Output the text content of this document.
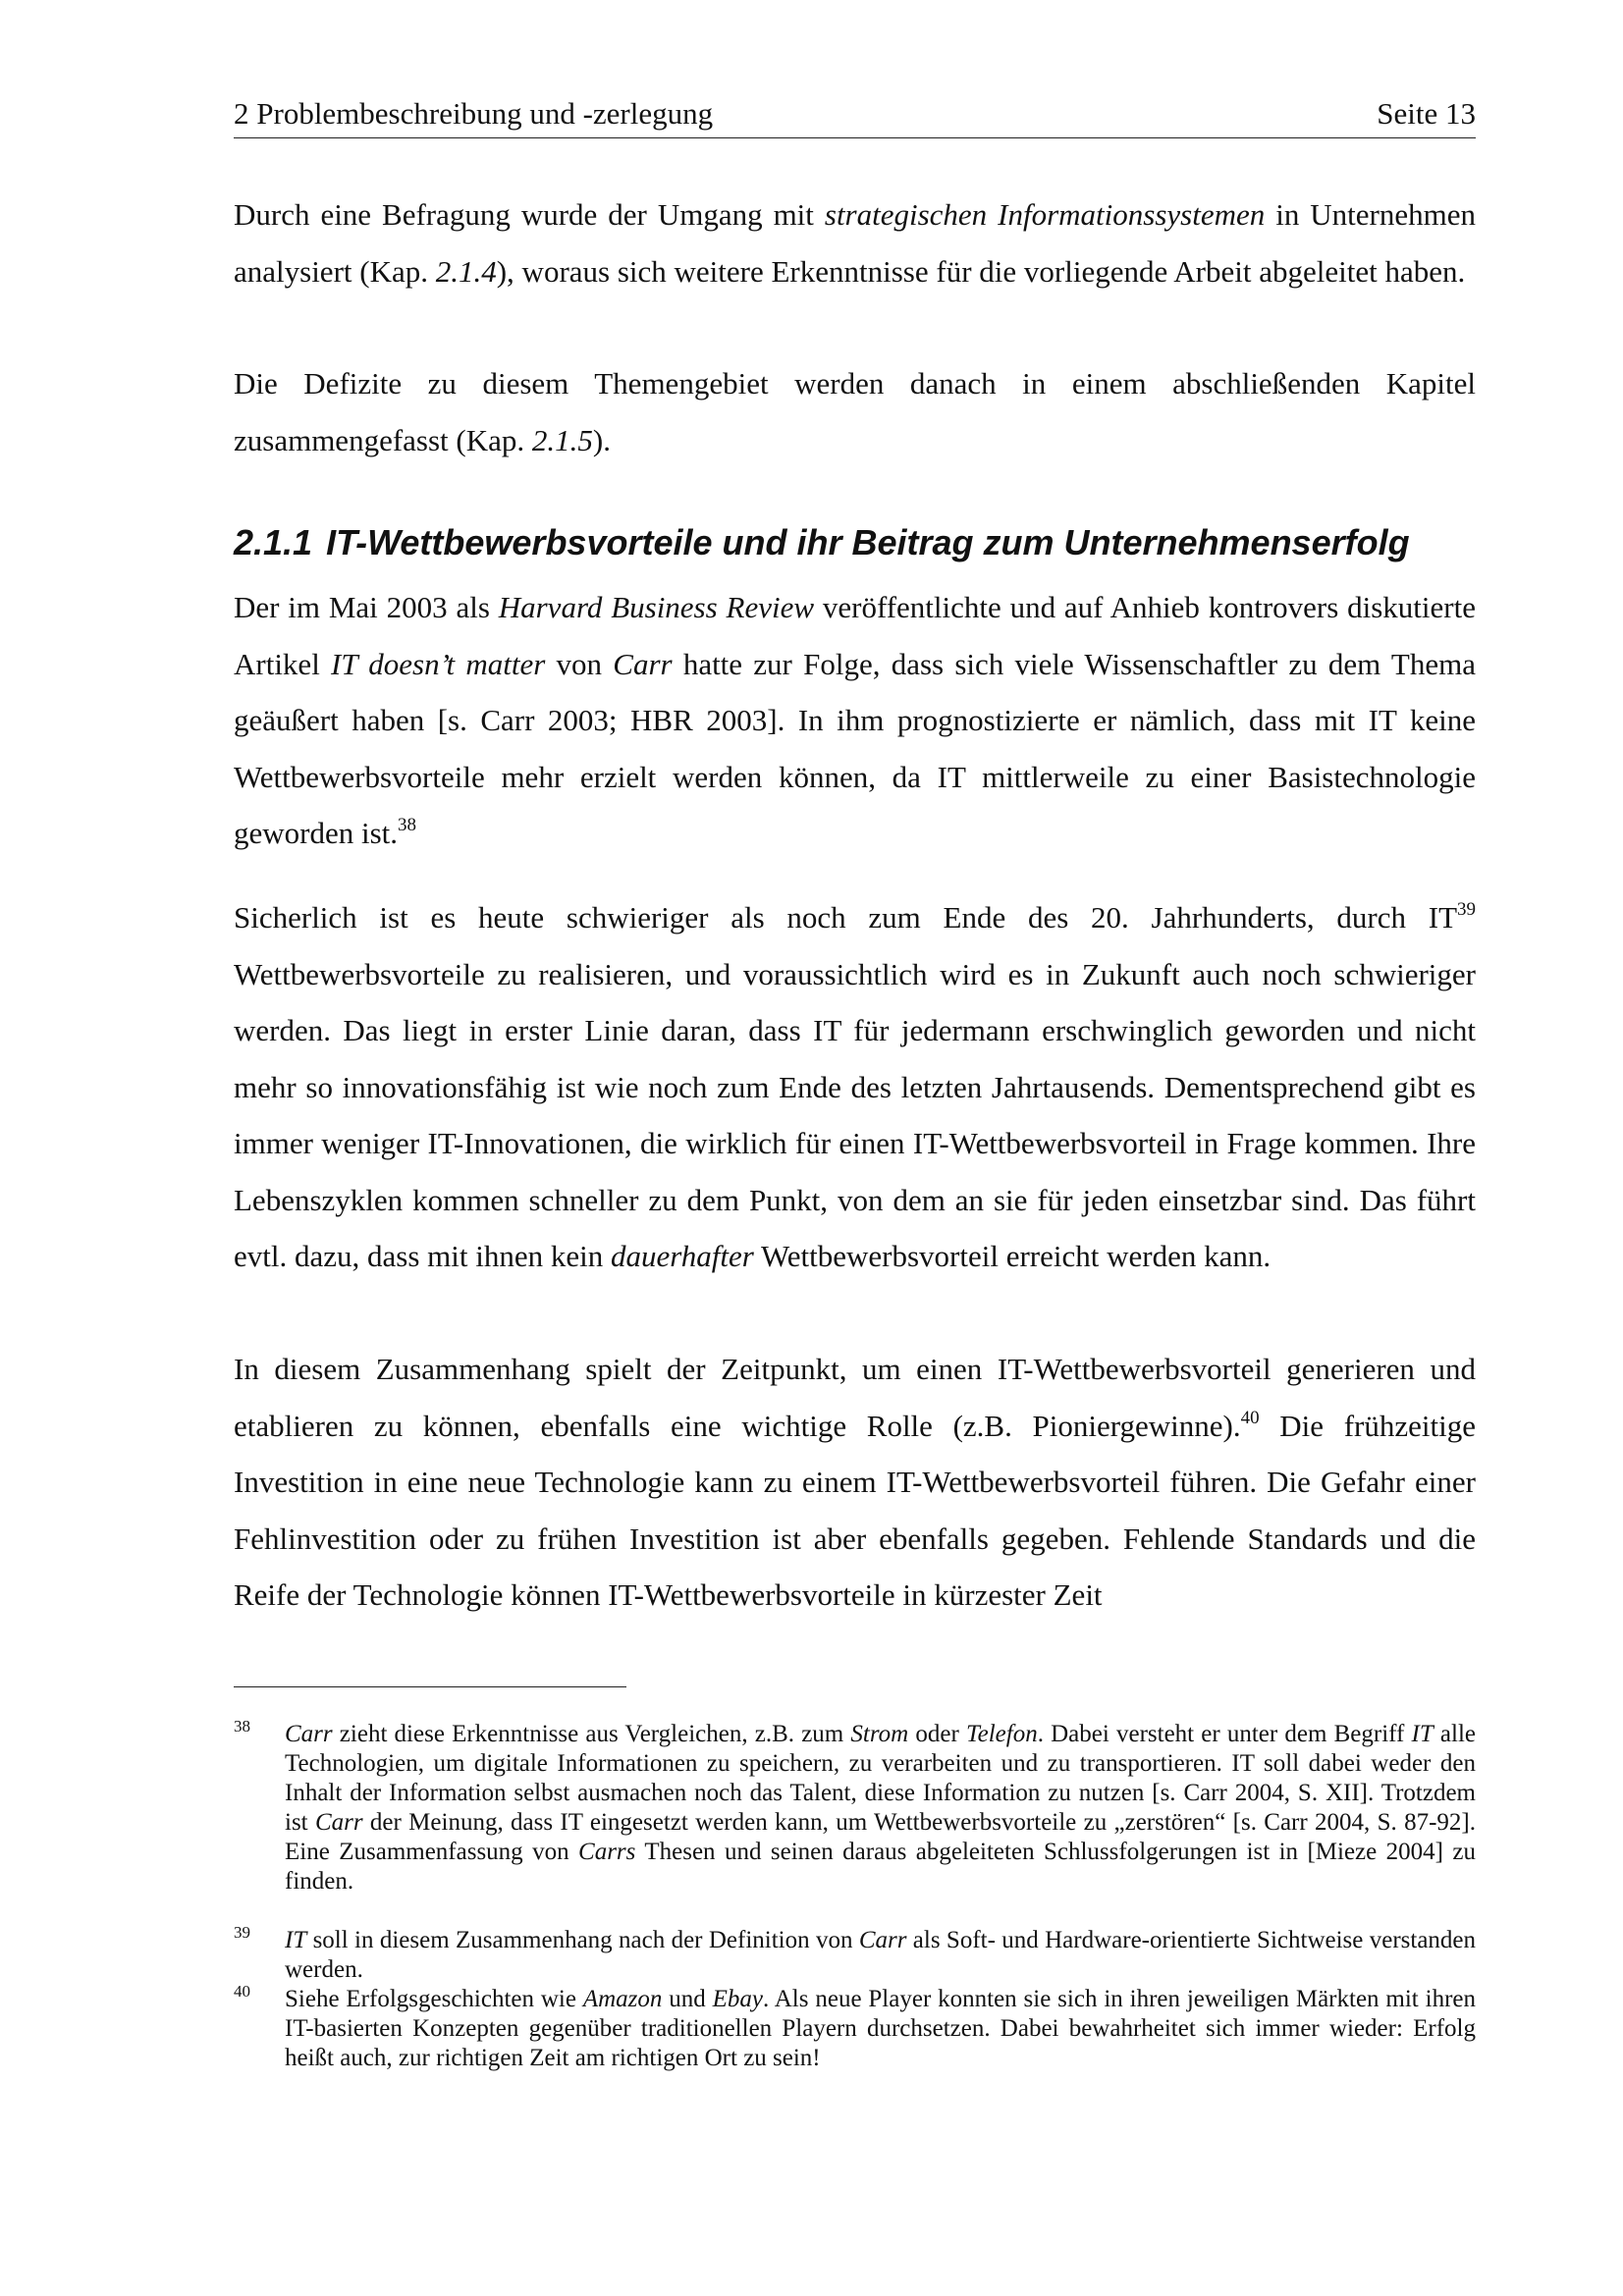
2 Problembeschreibung und -zerlegung	Seite 13

Durch eine Befragung wurde der Umgang mit strategischen Informationssystemen in Unternehmen analysiert (Kap. 2.1.4), woraus sich weitere Erkenntnisse für die vorliegende Arbeit abgeleitet haben.

Die Defizite zu diesem Themengebiet werden danach in einem abschließenden Kapitel zusammengefasst (Kap. 2.1.5).

2.1.1 IT-Wettbewerbsvorteile und ihr Beitrag zum Unternehmenserfolg

Der im Mai 2003 als Harvard Business Review veröffentlichte und auf Anhieb kontrovers diskutierte Artikel IT doesn’t matter von Carr hatte zur Folge, dass sich viele Wissenschaftler zu dem Thema geäußert haben [s. Carr 2003; HBR 2003]. In ihm prognostizierte er nämlich, dass mit IT keine Wettbewerbsvorteile mehr erzielt werden können, da IT mittlerweile zu einer Basistechnologie geworden ist.$^{38}$

Sicherlich ist es heute schwieriger als noch zum Ende des 20. Jahrhunderts, durch IT$^{39}$ Wettbewerbsvorteile zu realisieren, und voraussichtlich wird es in Zukunft auch noch schwieriger werden. Das liegt in erster Linie daran, dass IT für jedermann erschwinglich geworden und nicht mehr so innovationsfähig ist wie noch zum Ende des letzten Jahrtausends. Dementsprechend gibt es immer weniger IT-Innovationen, die wirklich für einen IT-Wettbewerbsvorteil in Frage kommen. Ihre Lebenszyklen kommen schneller zu dem Punkt, von dem an sie für jeden einsetzbar sind. Das führt evtl. dazu, dass mit ihnen kein dauerhafter Wettbewerbsvorteil erreicht werden kann.

In diesem Zusammenhang spielt der Zeitpunkt, um einen IT-Wettbewerbsvorteil generieren und etablieren zu können, ebenfalls eine wichtige Rolle (z.B. Pioniergewinne).$^{40}$ Die frühzeitige Investition in eine neue Technologie kann zu einem IT-Wettbewerbsvorteil führen. Die Gefahr einer Fehlinvestition oder zu frühen Investition ist aber ebenfalls gegeben. Fehlende Standards und die Reife der Technologie können IT-Wettbewerbsvorteile in kürzester Zeit

38 Carr zieht diese Erkenntnisse aus Vergleichen, z.B. zum Strom oder Telefon. Dabei versteht er unter dem Begriff IT alle Technologien, um digitale Informationen zu speichern, zu verarbeiten und zu transportieren. IT soll dabei weder den Inhalt der Information selbst ausmachen noch das Talent, diese Information zu nutzen [s. Carr 2004, S. XII]. Trotzdem ist Carr der Meinung, dass IT eingesetzt werden kann, um Wettbewerbsvorteile zu „zerstören“ [s. Carr 2004, S. 87-92]. Eine Zusammenfassung von Carrs Thesen und seinen daraus abgeleiteten Schlussfolgerungen ist in [Mieze 2004] zu finden.
39 IT soll in diesem Zusammenhang nach der Definition von Carr als Soft- und Hardware-orientierte Sichtweise verstanden werden.
40 Siehe Erfolgsgeschichten wie Amazon und Ebay. Als neue Player konnten sie sich in ihren jeweiligen Märkten mit ihren IT-basierten Konzepten gegenüber traditionellen Playern durchsetzen. Dabei bewahrheitet sich immer wieder: Erfolg heißt auch, zur richtigen Zeit am richtigen Ort zu sein!
